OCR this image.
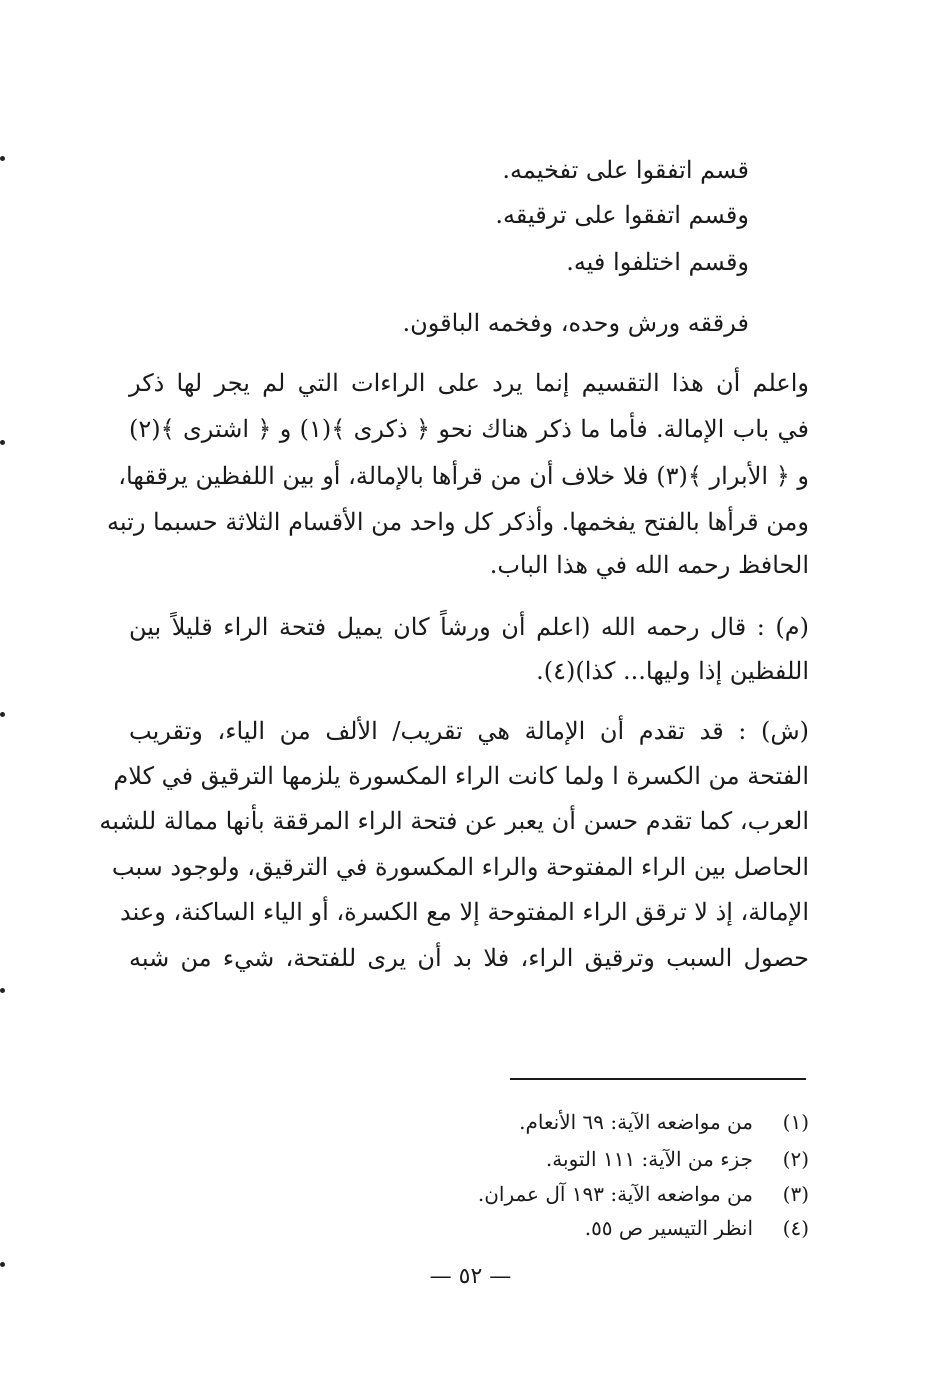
قسم اتفقوا على تفخيمه.
وقسم اتفقوا على ترقيقه.
وقسم اختلفوا فيه.
فرققه ورش وحده، وفخمه الباقون.
واعلم أن هذا التقسيم إنما يرد على الراءات التي لم يجر لها ذكر
في باب الإمالة. فأما ما ذكر هناك نحو ﴿ ذكرى ﴾(١) و ﴿ اشترى ﴾(٢)
و ﴿ الأبرار ﴾(٣) فلا خلاف أن من قرأها بالإمالة، أو بين اللفظين يرققها،
ومن قرأها بالفتح يفخمها. وأذكر كل واحد من الأقسام الثلاثة حسبما رتبه
الحافظ رحمه الله في هذا الباب.
(م) : قال رحمه الله (اعلم أن ورشاً كان يميل فتحة الراء قليلاً بين
اللفظين إذا وليها... كذا)(٤).
(ش) : قد تقدم أن الإمالة هي تقريب/ الألف من الياء، وتقريب
الفتحة من الكسرة ا ولما كانت الراء المكسورة يلزمها الترقيق في كلام
العرب، كما تقدم حسن أن يعبر عن فتحة الراء المرققة بأنها ممالة للشبه
الحاصل بين الراء المفتوحة والراء المكسورة في الترقيق، ولوجود سبب
الإمالة، إذ لا ترقق الراء المفتوحة إلا مع الكسرة، أو الياء الساكنة، وعند
حصول السبب وترقيق الراء، فلا بد أن يرى للفتحة، شيء من شبه
(١)
من مواضعه الآية: ٦٩ الأنعام.
(٢)
جزء من الآية: ١١١ التوبة.
(٣)
من مواضعه الآية: ١٩٣ آل عمران.
(٤)
انظر التيسير ص ٥٥.
— ٥٢ —
